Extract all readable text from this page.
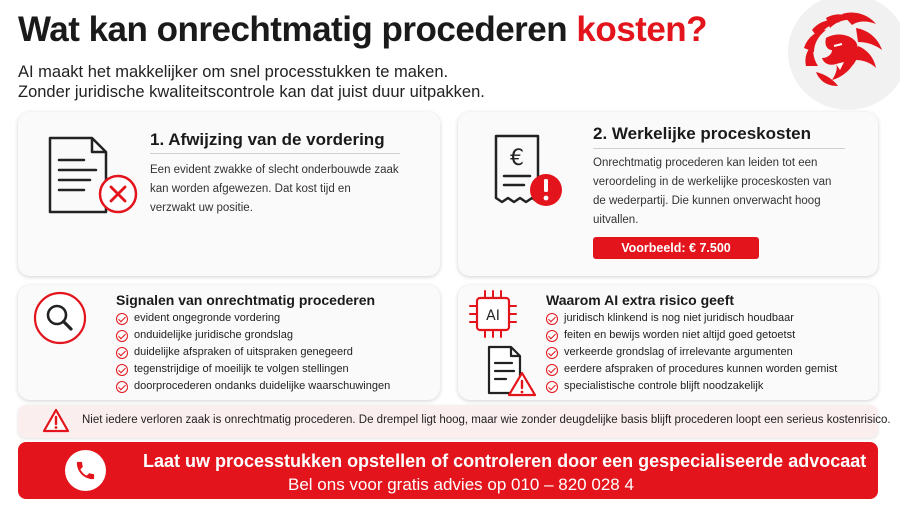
Wat kan onrechtmatig procederen kosten?
AI maakt het makkelijker om snel processtukken te maken.
Zonder juridische kwaliteitscontrole kan dat juist duur uitpakken.
1. Afwijzing van de vordering
Een evident zwakke of slecht onderbouwde zaak
kan worden afgewezen. Dat kost tijd en
verzwakt uw positie.
€
2. Werkelijke proceskosten
Onrechtmatig procederen kan leiden tot een
veroordeling in de werkelijke proceskosten van
de wederpartij. Die kunnen onverwacht hoog
uitvallen.
Voorbeeld: € 7.500
Signalen van onrechtmatig procederen
evident ongegronde vordering
onduidelijke juridische grondslag
duidelijke afspraken of uitspraken genegeerd
tegenstrijdige of moeilijk te volgen stellingen
doorprocederen ondanks duidelijke waarschuwingen
AI
Waarom AI extra risico geeft
juridisch klinkend is nog niet juridisch houdbaar
feiten en bewijs worden niet altijd goed getoetst
verkeerde grondslag of irrelevante argumenten
eerdere afspraken of procedures kunnen worden gemist
specialistische controle blijft noodzakelijk
Niet iedere verloren zaak is onrechtmatig procederen. De drempel ligt hoog, maar wie zonder deugdelijke basis blijft procederen loopt een serieus kostenrisico.
Laat uw processtukken opstellen of controleren door een gespecialiseerde advocaat
Bel ons voor gratis advies op 010 – 820 028 4
